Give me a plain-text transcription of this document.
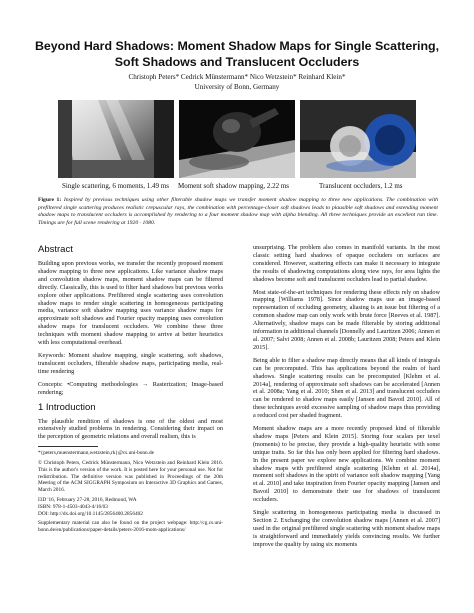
Beyond Hard Shadows: Moment Shadow Maps for Single Scattering,
Soft Shadows and Translucent Occluders
Christoph Peters* Cedrick Münstermann* Nico Wetzstein* Reinhard Klein*
University of Bonn, Germany
Single scattering, 6 moments, 1.49 ms Moment soft shadow mapping, 2.22 ms	Translucent occluders, 1.2 ms
Figure 1: Inspired by previous techniques using other filterable shadow maps we transfer moment shadow mapping to three new applications. The combination with prefiltered single scattering produces realistic crepuscular rays, the combination with percentage-closer soft shadows leads to plausible soft shadows and extending moment shadow maps to translucent occluders is accomplished by rendering to a four moment shadow map with alpha blending. All three techniques provide an excellent run time. Timings are for full scene rendering at 1920 · 1080.
Abstract

Building upon previous works, we transfer the recently proposed moment shadow mapping to three new applications. Like variance shadow maps and convolution shadow maps, moment shadow maps can be filtered directly. Classically, this is used to filter hard shadows but previous works explore other applications. Prefiltered single scattering uses convolution shadow maps to render single scattering in homogeneous participating media, variance soft shadow mapping uses variance shadow maps for approximate soft shadows and Fourier opacity mapping uses convolution shadow maps for translucent occluders. We combine these three techniques with moment shadow mapping to arrive at better heuristics with less computational overhead.

Keywords: Moment shadow mapping, single scattering, soft shadows, translucent occluders, filterable shadow maps, participating media, real-time rendering

Concepts: •Computing methodologies → Rasterization; Image-based rendering;

1 Introduction

The plausible rendition of shadows is one of the oldest and most extensively studied problems in rendering. Considering their impact on the perception of geometric relations and overall realism, this is

*{peters,muenstermann,wetzstein,rk}@cs.uni-bonn.de

© Christoph Peters, Cedrick Münstermann, Nico Wetzstein and Reinhard Klein 2016. This is the author's version of the work. It is posted here for your personal use. Not for redistribution. The definitive version was published in Proceedings of the 20th Meeting of the ACM SIGGRAPH Symposium on Interactive 3D Graphics and Games, March 2016.

I3D '16, February 27-28, 2016, Redmond, WA

ISBN: 978-1-4503-4043-4/16/03

DOI: http://dx.doi.org/10.1145/2856400.2856402

Supplementary material can also be found on the project webpage: http://cg.cs.uni-bonn.de/en/publications/paper-details/peters-2016-mom-applications/

unsurprising. The problem also comes in manifold variants. In the most classic setting hard shadows of opaque occluders on surfaces are considered. However, scattering effects can make it necessary to integrate the results of shadowing computations along view rays, for area lights the shadows become soft and translucent occluders lead to partial shadow.

Most state-of-the-art techniques for rendering these effects rely on shadow mapping [Williams 1978]. Since shadow maps use an image-based representation of occluding geometry, aliasing is an issue but filtering of a common shadow map can only work with brute force [Reeves et al. 1987]. Alternatively, shadow maps can be made filterable by storing additional information in additional channels [Donnelly and Lauritzen 2006; Annen et al. 2007; Salvi 2008; Annen et al. 2008b; Lauritzen 2008; Peters and Klein 2015].

Being able to filter a shadow map directly means that all kinds of integrals can be precomputed. This has applications beyond the realm of hard shadows. Single scattering results can be precomputed [Klehm et al. 2014a], rendering of approximate soft shadows can be accelerated [Annen et al. 2008a; Yang et al. 2010; Shen et al. 2013] and translucent occluders can be rendered to shadow maps easily [Jansen and Bavoil 2010]. All of these techniques avoid excessive sampling of shadow maps thus providing a reduced cost per shaded fragment.

Moment shadow maps are a more recently proposed kind of filterable shadow maps [Peters and Klein 2015]. Storing four scalars per texel (moments) to be precise, they provide a high-quality heuristic with some unique traits. So far this has only been applied for filtering hard shadows. In the present paper we explore new applications. We combine moment shadow maps with prefiltered single scattering [Klehm et al. 2014a], moment soft shadows in the spirit of variance soft shadow mapping [Yang et al. 2010] and take inspiration from Fourier opacity mapping [Jansen and Bavoil 2010] to demonstrate their use for shadows of translucent occluders.

Single scattering in homogeneous participating media is discussed in Section 2. Exchanging the convolution shadow maps [Annen et al. 2007] used in the original prefiltered single scattering with moment shadow maps is straightforward and immediately yields convincing results. We further improve the quality by using six moments
